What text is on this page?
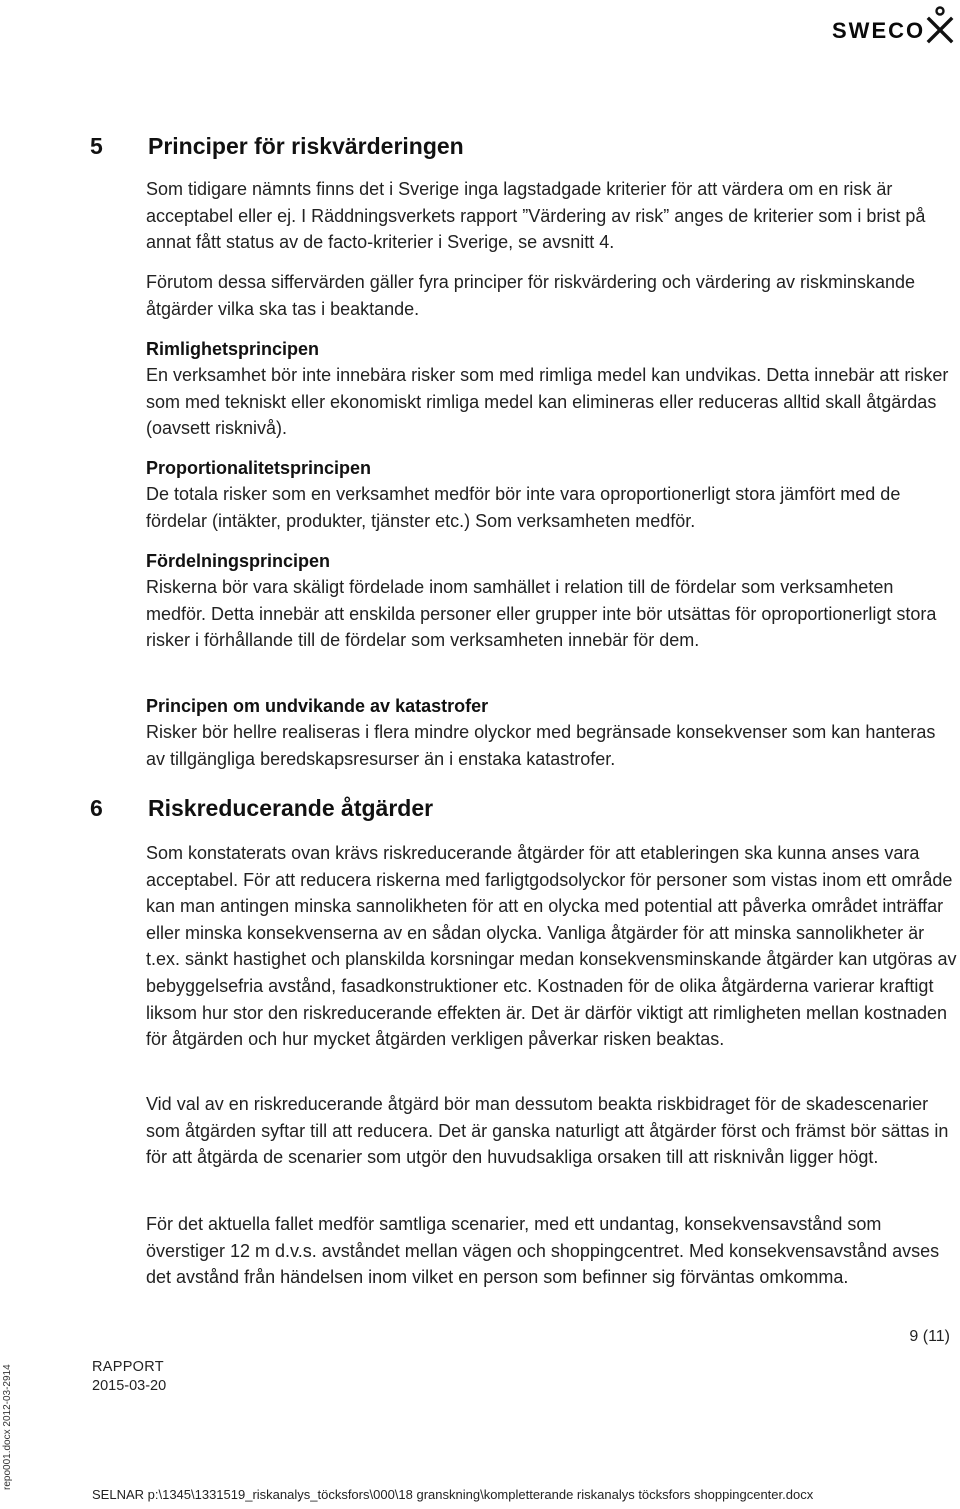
SWECO
5 Principer för riskvärderingen

Som tidigare nämnts finns det i Sverige inga lagstadgade kriterier för att värdera om en risk är acceptabel eller ej. I Räddningsverkets rapport ”Värdering av risk” anges de kriterier som i brist på annat fått status av de facto-kriterier i Sverige, se avsnitt 4.

Förutom dessa siffervärden gäller fyra principer för riskvärdering och värdering av riskminskande åtgärder vilka ska tas i beaktande.

Rimlighetsprincipen

En verksamhet bör inte innebära risker som med rimliga medel kan undvikas. Detta innebär att risker som med tekniskt eller ekonomiskt rimliga medel kan elimineras eller reduceras alltid skall åtgärdas (oavsett risknivå).

Proportionalitetsprincipen

De totala risker som en verksamhet medför bör inte vara oproportionerligt stora jämfört med de fördelar (intäkter, produkter, tjänster etc.) Som verksamheten medför.

Fördelningsprincipen

Riskerna bör vara skäligt fördelade inom samhället i relation till de fördelar som verksamheten medför. Detta innebär att enskilda personer eller grupper inte bör utsättas för oproportionerligt stora risker i förhållande till de fördelar som verksamheten innebär för dem.

Principen om undvikande av katastrofer

Risker bör hellre realiseras i flera mindre olyckor med begränsade konsekvenser som kan hanteras av tillgängliga beredskapsresurser än i enstaka katastrofer.

6 Riskreducerande åtgärder

Som konstaterats ovan krävs riskreducerande åtgärder för att etableringen ska kunna anses vara acceptabel. För att reducera riskerna med farligtgodsolyckor för personer som vistas inom ett område kan man antingen minska sannolikheten för att en olycka med potential att påverka området inträffar eller minska konsekvenserna av en sådan olycka. Vanliga åtgärder för att minska sannolikheter är t.ex. sänkt hastighet och planskilda korsningar medan konsekvensminskande åtgärder kan utgöras av bebyggelsefria avstånd, fasadkonstruktioner etc. Kostnaden för de olika åtgärderna varierar kraftigt liksom hur stor den riskreducerande effekten är. Det är därför viktigt att rimligheten mellan kostnaden för åtgärden och hur mycket åtgärden verkligen påverkar risken beaktas.

Vid val av en riskreducerande åtgärd bör man dessutom beakta riskbidraget för de skadescenarier som åtgärden syftar till att reducera. Det är ganska naturligt att åtgärder först och främst bör sättas in för att åtgärda de scenarier som utgör den huvudsakliga orsaken till att risknivån ligger högt.

För det aktuella fallet medför samtliga scenarier, med ett undantag, konsekvensavstånd som överstiger 12 m d.v.s. avståndet mellan vägen och shoppingcentret. Med konsekvensavstånd avses det avstånd från händelsen inom vilket en person som befinner sig förväntas omkomma.

9 (11)
RAPPORT
2015-03-20
repo001.docx 2012-03-2914
SELNAR p:\1345\1331519_riskanalys_töcksfors\000\18 granskning\kompletterande riskanalys töcksfors shoppingcenter.docx
